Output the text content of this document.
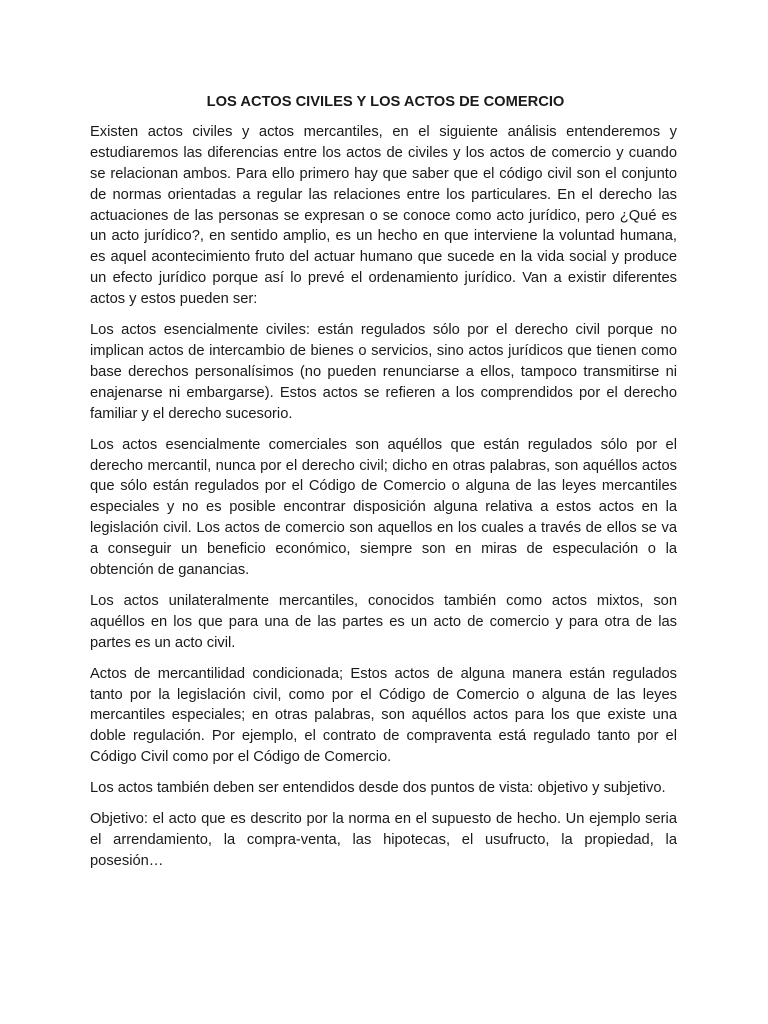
LOS ACTOS CIVILES Y LOS ACTOS DE COMERCIO

Existen actos civiles y actos mercantiles, en el siguiente análisis entenderemos y estudiaremos las diferencias entre los actos de civiles y los actos de comercio y cuando se relacionan ambos. Para ello primero hay que saber que el código civil son el conjunto de normas orientadas a regular las relaciones entre los particulares. En el derecho las actuaciones de las personas se expresan o se conoce como acto jurídico, pero ¿Qué es un acto jurídico?, en sentido amplio, es un hecho en que interviene la voluntad humana, es aquel acontecimiento fruto del actuar humano que sucede en la vida social y produce un efecto jurídico porque así lo prevé el ordenamiento jurídico. Van a existir diferentes actos y estos pueden ser:

Los actos esencialmente civiles: están regulados sólo por el derecho civil porque no implican actos de intercambio de bienes o servicios, sino actos jurídicos que tienen como base derechos personalísimos (no pueden renunciarse a ellos, tampoco transmitirse ni enajenarse ni embargarse). Estos actos se refieren a los comprendidos por el derecho familiar y el derecho sucesorio.

Los actos esencialmente comerciales son aquéllos que están regulados sólo por el derecho mercantil, nunca por el derecho civil; dicho en otras palabras, son aquéllos actos que sólo están regulados por el Código de Comercio o alguna de las leyes mercantiles especiales y no es posible encontrar disposición alguna relativa a estos actos en la legislación civil. Los actos de comercio son aquellos en los cuales a través de ellos se va a conseguir un beneficio económico, siempre son en miras de especulación o la obtención de ganancias.

Los actos unilateralmente mercantiles, conocidos también como actos mixtos, son aquéllos en los que para una de las partes es un acto de comercio y para otra de las partes es un acto civil.

Actos de mercantilidad condicionada; Estos actos de alguna manera están regulados tanto por la legislación civil, como por el Código de Comercio o alguna de las leyes mercantiles especiales; en otras palabras, son aquéllos actos para los que existe una doble regulación. Por ejemplo, el contrato de compraventa está regulado tanto por el Código Civil como por el Código de Comercio.

Los actos también deben ser entendidos desde dos puntos de vista: objetivo y subjetivo.

Objetivo: el acto que es descrito por la norma en el supuesto de hecho. Un ejemplo seria el arrendamiento, la compra-venta, las hipotecas, el usufructo, la propiedad, la posesión…
